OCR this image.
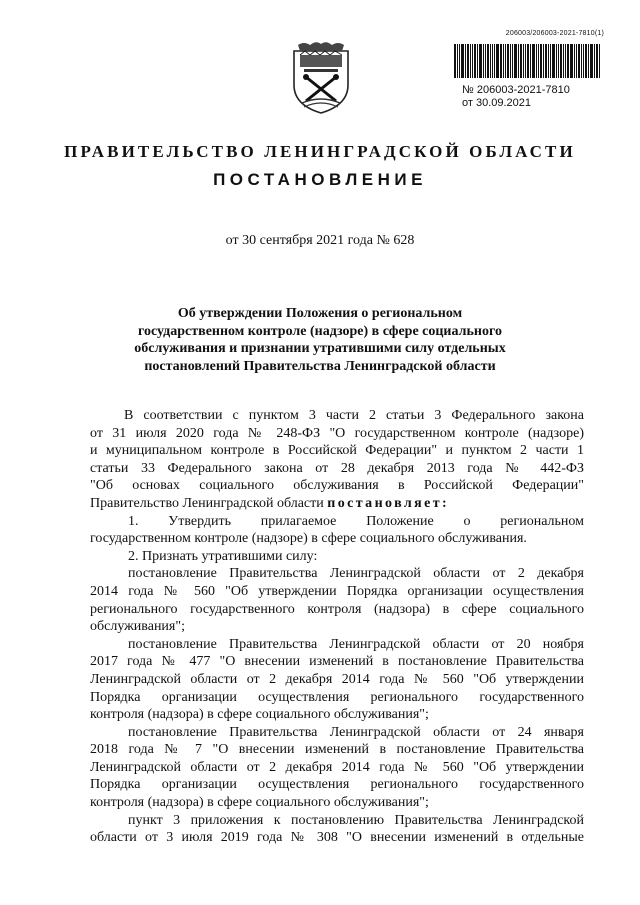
206003/206003-2021-7810(1)
№ 206003-2021-7810
от 30.09.2021
ПРАВИТЕЛЬСТВО ЛЕНИНГРАДСКОЙ ОБЛАСТИ
ПОСТАНОВЛЕНИЕ
от 30 сентября 2021 года № 628
Об утверждении Положения о региональном
государственном контроле (надзоре) в сфере социального
обслуживания и признании утратившими силу отдельных
постановлений Правительства Ленинградской области
В соответствии с пунктом 3 части 2 статьи 3 Федерального закона
от 31 июля 2020 года № 248-ФЗ "О государственном контроле (надзоре)
и муниципальном контроле в Российской Федерации" и пунктом 2 части 1
статьи 33 Федерального закона от 28 декабря 2013 года № 442-ФЗ
"Об основах социального обслуживания в Российской Федерации"
Правительство Ленинградской области постановляет:
1. Утвердить прилагаемое Положение о региональном
государственном контроле (надзоре) в сфере социального обслуживания.
2. Признать утратившими силу:
постановление Правительства Ленинградской области от 2 декабря
2014 года № 560 "Об утверждении Порядка организации осуществления
регионального государственного контроля (надзора) в сфере социального
обслуживания";
постановление Правительства Ленинградской области от 20 ноября
2017 года № 477 "О внесении изменений в постановление Правительства
Ленинградской области от 2 декабря 2014 года № 560 "Об утверждении
Порядка организации осуществления регионального государственного
контроля (надзора) в сфере социального обслуживания";
постановление Правительства Ленинградской области от 24 января
2018 года № 7 "О внесении изменений в постановление Правительства
Ленинградской области от 2 декабря 2014 года № 560 "Об утверждении
Порядка организации осуществления регионального государственного
контроля (надзора) в сфере социального обслуживания";
пункт 3 приложения к постановлению Правительства Ленинградской
области от 3 июля 2019 года № 308 "О внесении изменений в отдельные
